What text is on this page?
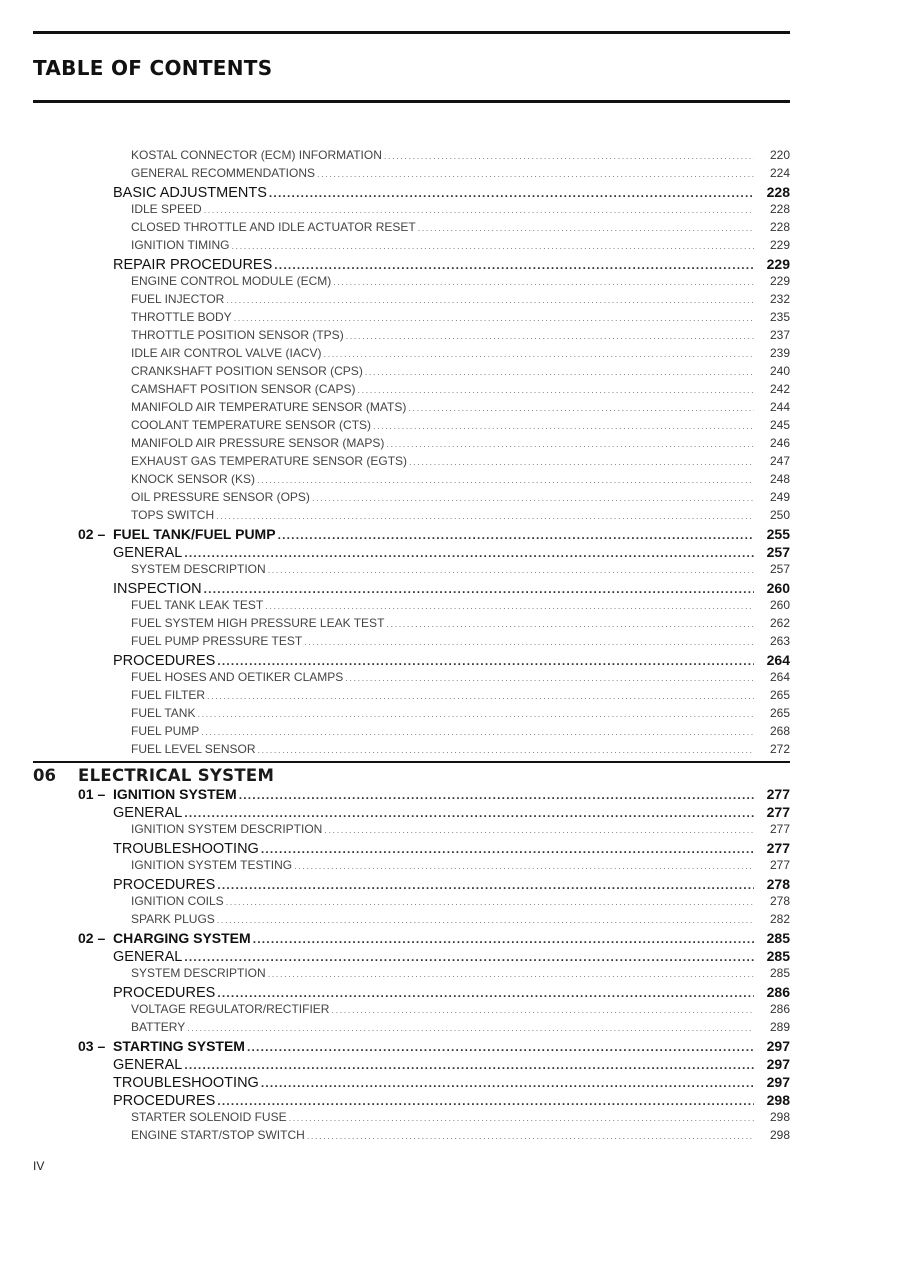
TABLE OF CONTENTS
KOSTAL CONNECTOR (ECM) INFORMATION .....	220
GENERAL RECOMMENDATIONS .....	224
BASIC ADJUSTMENTS .....	228
IDLE SPEED .....	228
CLOSED THROTTLE AND IDLE ACTUATOR RESET .....	228
IGNITION TIMING .....	229
REPAIR PROCEDURES .....	229
ENGINE CONTROL MODULE (ECM) .....	229
FUEL INJECTOR .....	232
THROTTLE BODY .....	235
THROTTLE POSITION SENSOR (TPS) .....	237
IDLE AIR CONTROL VALVE (IACV) .....	239
CRANKSHAFT POSITION SENSOR (CPS) .....	240
CAMSHAFT POSITION SENSOR (CAPS) .....	242
MANIFOLD AIR TEMPERATURE SENSOR (MATS) .....	244
COOLANT TEMPERATURE SENSOR (CTS) .....	245
MANIFOLD AIR PRESSURE SENSOR (MAPS) .....	246
EXHAUST GAS TEMPERATURE SENSOR (EGTS) .....	247
KNOCK SENSOR (KS) .....	248
OIL PRESSURE SENSOR (OPS) .....	249
TOPS SWITCH .....	250
02 – FUEL TANK/FUEL PUMP .....	255
GENERAL .....	257
SYSTEM DESCRIPTION .....	257
INSPECTION .....	260
FUEL TANK LEAK TEST .....	260
FUEL SYSTEM HIGH PRESSURE LEAK TEST .....	262
FUEL PUMP PRESSURE TEST .....	263
PROCEDURES .....	264
FUEL HOSES AND OETIKER CLAMPS .....	264
FUEL FILTER .....	265
FUEL TANK .....	265
FUEL PUMP .....	268
FUEL LEVEL SENSOR .....	272
06 ELECTRICAL SYSTEM
01 – IGNITION SYSTEM .....	277
GENERAL .....	277
IGNITION SYSTEM DESCRIPTION .....	277
TROUBLESHOOTING .....	277
IGNITION SYSTEM TESTING .....	277
PROCEDURES .....	278
IGNITION COILS .....	278
SPARK PLUGS .....	282
02 – CHARGING SYSTEM .....	285
GENERAL .....	285
SYSTEM DESCRIPTION .....	285
PROCEDURES .....	286
VOLTAGE REGULATOR/RECTIFIER .....	286
BATTERY .....	289
03 – STARTING SYSTEM .....	297
GENERAL .....	297
TROUBLESHOOTING .....	297
PROCEDURES .....	298
STARTER SOLENOID FUSE .....	298
ENGINE START/STOP SWITCH .....	298
IV
